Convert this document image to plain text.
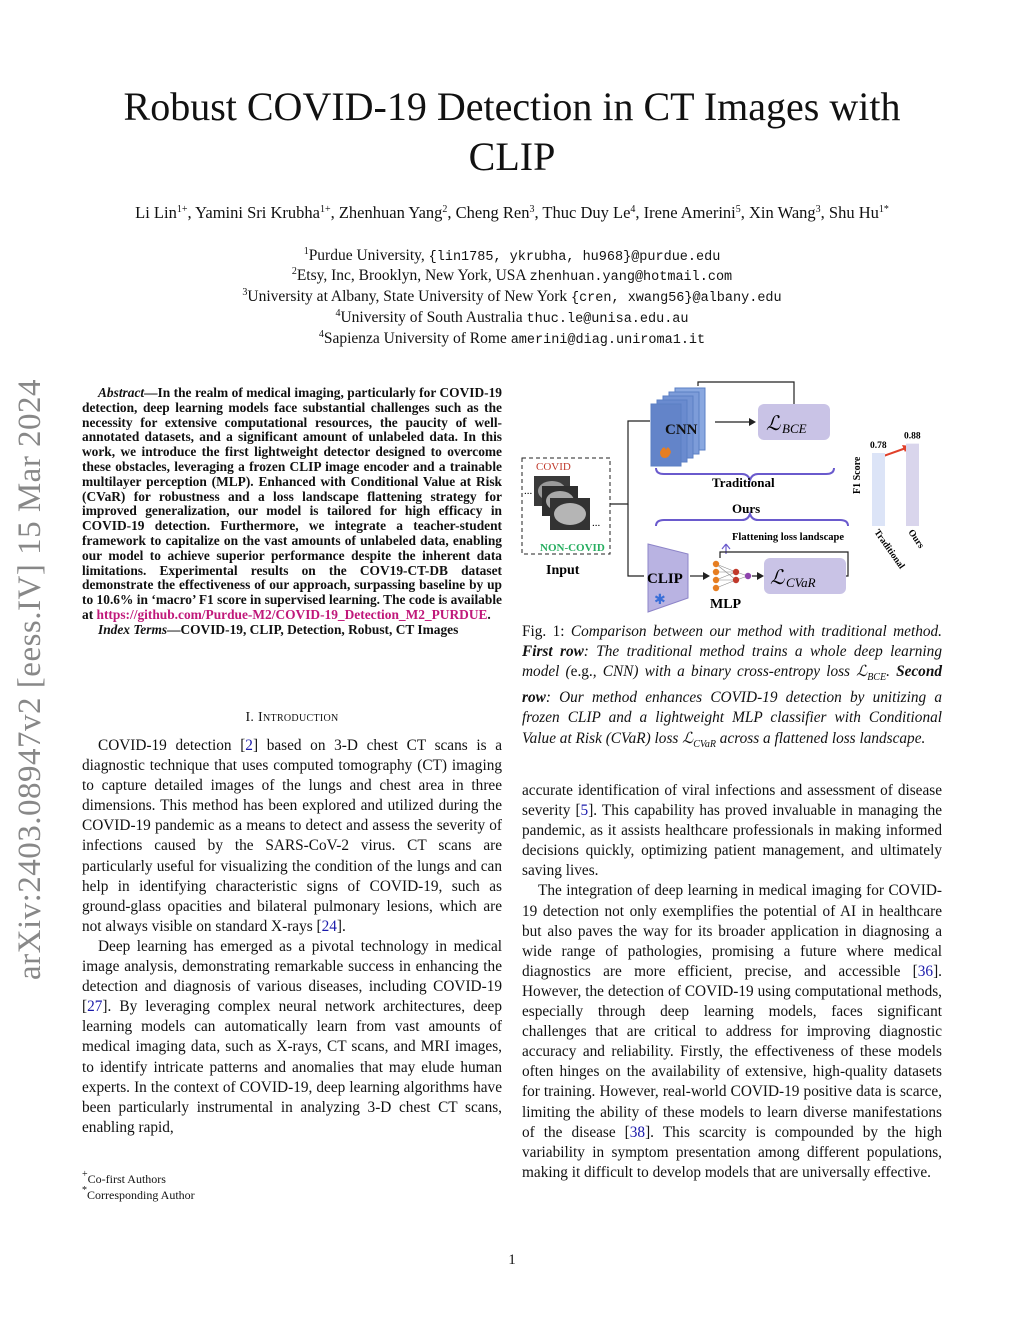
arXiv:2403.08947v2 [eess.IV] 15 Mar 2024
Robust COVID-19 Detection in CT Images with CLIP
Li Lin$^{1+}$, Yamini Sri Krubha$^{1+}$, Zhenhuan Yang$^2$, Cheng Ren$^3$, Thuc Duy Le$^4$, Irene Amerini$^5$, Xin Wang$^3$, Shu $Hu^{1*}$
$^1$Purdue University, {lin1785, ykrubha, hu968}@purdue.edu
$^2$Etsy, Inc, Brooklyn, New York, USA zhenhuan.yang@hotmail.com
$^3$University at Albany, State University of New York {cren, xwang56}@albany.edu
$^4$University of South Australia thuc.le@unisa.edu.au
$^4$Sapienza University of Rome amerini@diag.uniroma1.it
Abstract—In the realm of medical imaging, particularly for COVID-19 detection, deep learning models face substantial challenges such as the necessity for extensive computational resources, the paucity of well-annotated datasets, and a significant amount of unlabeled data. In this work, we introduce the first lightweight detector designed to overcome these obstacles, leveraging a frozen CLIP image encoder and a trainable multilayer perception (MLP). Enhanced with Conditional Value at Risk (CVaR) for robustness and a loss landscape flattening strategy for improved generalization, our model is tailored for high efficacy in COVID-19 detection. Furthermore, we integrate a teacher-student framework to capitalize on the vast amounts of unlabeled data, enabling our model to achieve superior performance despite the inherent data limitations. Experimental results on the COV19-CT-DB dataset demonstrate the effectiveness of our approach, surpassing baseline by up to 10.6% in ‘macro’ F1 score in supervised learning. The code is available at https://github.com/Purdue-M2/COVID-19_Detection_M2_PURDUE.
Index Terms—COVID-19, CLIP, Detection, Robust, CT Images
I. Introduction

COVID-19 detection [2] based on 3-D chest CT scans is a diagnostic technique that uses computed tomography (CT) imaging to capture detailed images of the lungs and chest area in three dimensions. This method has been explored and utilized during the COVID-19 pandemic as a means to detect and assess the severity of infections caused by the SARS-CoV-2 virus. CT scans are particularly useful for visualizing the condition of the lungs and can help in identifying characteristic signs of COVID-19, such as ground-glass opacities and bilateral pulmonary lesions, which are not always visible on standard X-rays [24].

Deep learning has emerged as a pivotal technology in medical image analysis, demonstrating remarkable success in enhancing the detection and diagnosis of various diseases, including COVID-19 [27]. By leveraging complex neural network architectures, deep learning models can automatically learn from vast amounts of medical imaging data, such as X-rays, CT scans, and MRI images, to identify intricate patterns and anomalies that may elude human experts. In the context of COVID-19, deep learning algorithms have been particularly instrumental in analyzing 3-D chest CT scans, enabling rapid,

+Co-first Authors
*Corresponding Author
COVID
NON-COVID
...
...
Input
CNN	ℒ BCE
Traditional
Ours
CLIP
✱	MLP
Flattening loss landscape
ℒ CVaR
F1 Score
0.78
Traditional
0.88
Ours
Fig. 1: Comparison between our method with traditional method. First row: The traditional method trains a whole deep learning model (e.g., CNN) with a binary cross-entropy loss ℒ$_{BCE}$. Second row: Our method enhances COVID-19 detection by unitizing a frozen CLIP and a lightweight MLP classifier with Conditional Value at Risk (CVaR) loss ℒ$_{CVaR}$ across a flattened loss landscape.

accurate identification of viral infections and assessment of disease severity [5]. This capability has proved invaluable in managing the pandemic, as it assists healthcare professionals in making informed decisions quickly, optimizing patient management, and ultimately saving lives.

The integration of deep learning in medical imaging for COVID-19 detection not only exemplifies the potential of AI in healthcare but also paves the way for its broader application in diagnosing a wide range of pathologies, promising a future where medical diagnostics are more efficient, precise, and accessible [36]. However, the detection of COVID-19 using computational methods, especially through deep learning models, faces significant challenges that are critical to address for improving diagnostic accuracy and reliability. Firstly, the effectiveness of these models often hinges on the availability of extensive, high-quality datasets for training. However, real-world COVID-19 positive data is scarce, limiting the ability of these models to learn diverse manifestations of the disease [38]. This scarcity is compounded by the high variability in symptom presentation among different populations, making it difficult to develop models that are universally effective.

1
